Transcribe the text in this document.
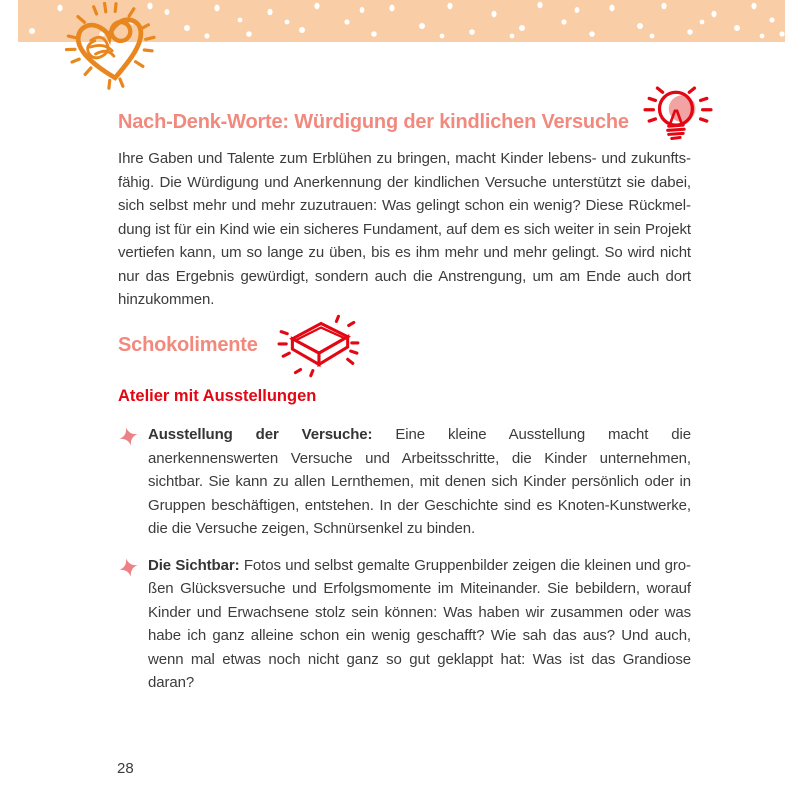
Nach-Denk-Worte: Würdigung der kindlichen Versuche

Ihre Gaben und Talente zum Erblühen zu bringen, macht Kinder lebens- und zukunftsfähig. Die Würdigung und Anerkennung der kindlichen Versuche unterstützt sie dabei, sich selbst mehr und mehr zuzutrauen: Was gelingt schon ein wenig? Diese Rückmeldung ist für ein Kind wie ein sicheres Fundament, auf dem es sich weiter in sein Projekt vertiefen kann, um so lange zu üben, bis es ihm mehr und mehr gelingt. So wird nicht nur das Ergebnis gewürdigt, sondern auch die Anstrengung, um am Ende auch dort hinzukommen.

Schokolimente
Atelier mit Ausstellungen

Ausstellung der Versuche: Eine kleine Ausstellung macht die anerkennenswerten Versuche und Arbeitsschritte, die Kinder unternehmen, sichtbar. Sie kann zu allen Lernthemen, mit denen sich Kinder persönlich oder in Gruppen beschäftigen, entstehen. In der Geschichte sind es Knoten-Kunstwerke, die die Versuche zeigen, Schnürsenkel zu binden.

Die Sichtbar: Fotos und selbst gemalte Gruppenbilder zeigen die kleinen und großen Glücksversuche und Erfolgsmomente im Miteinander. Sie bebildern, worauf Kinder und Erwachsene stolz sein können: Was haben wir zusammen oder was habe ich ganz alleine schon ein wenig geschafft? Wie sah das aus? Und auch, wenn mal etwas noch nicht ganz so gut geklappt hat: Was ist das Grandiose daran?

28
